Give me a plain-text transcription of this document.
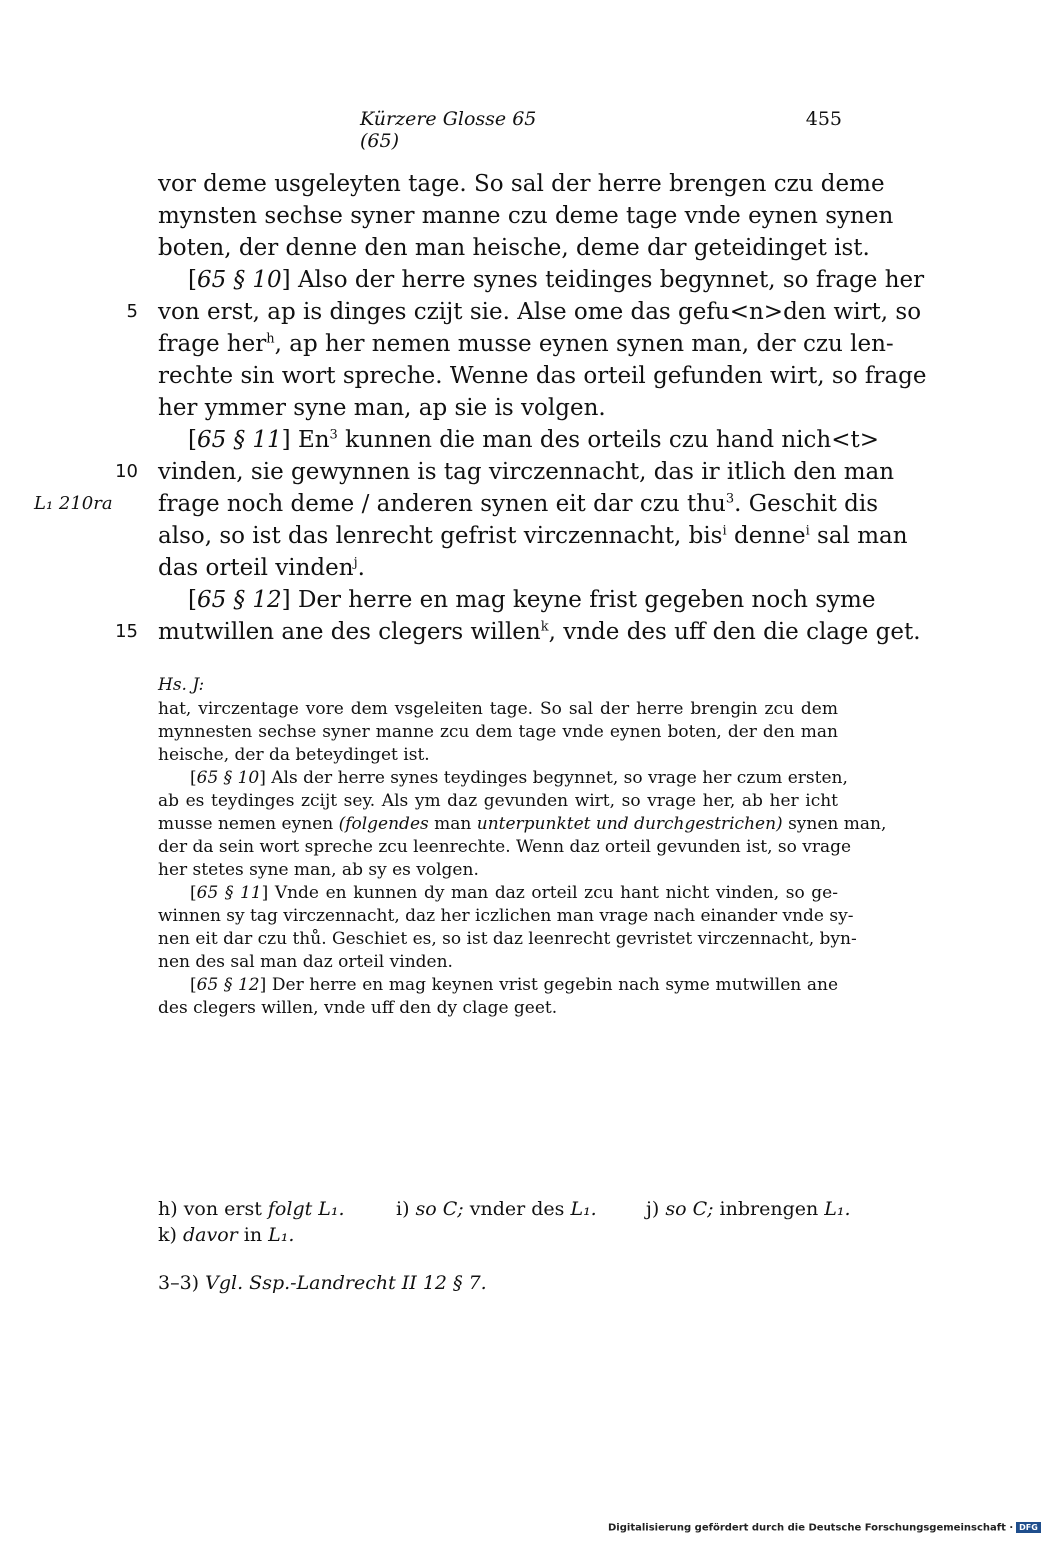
Kürzere Glosse 65 (65)
455
vor deme usgeleyten tage. So sal der herre brengen czu deme
mynsten sechse syner manne czu deme tage vnde eynen synen
boten, der denne den man heische, deme dar geteidinget ist.
[65 § 10] Also der herre synes teidinges begynnet, so frage her
5 von erst, ap is dinges czijt sie. Alse ome das gefu<n>den wirt, so
frage her$^h$, ap her nemen musse eynen synen man, der czu len-
rechte sin wort spreche. Wenne das orteil gefunden wirt, so frage
her ymmer syne man, ap sie is volgen.
[65 § 11] En$^3$ kunnen die man des orteils czu hand nich<t>
10 vinden, sie gewynnen is tag virczennacht, das ir itlich den man
L₁ 210ra	frage noch deme / anderen synen eit dar czu thu$^3$. Geschit dis
also, so ist das lenrecht gefrist virczennacht, bis$^i$ denne$^i$ sal man
das orteil vinden$^j$.
[65 § 12] Der herre en mag keyne frist gegeben noch syme
15 mutwillen ane des clegers willen$^k$, vnde des uff den die clage get.
Hs. J:
hat, virczentage vore dem vsgeleiten tage. So sal der herre brengin zcu dem
mynnesten sechse syner manne zcu dem tage vnde eynen boten, der den man
heische, der da beteydinget ist.
[65 § 10] Als der herre synes teydinges begynnet, so vrage her czum ersten,
ab es teydinges zcijt sey. Als ym daz gevunden wirt, so vrage her, ab her icht
musse nemen eynen (folgendes man unterpunktet und durchgestrichen) synen man,
der da sein wort spreche zcu leenrechte. Wenn daz orteil gevunden ist, so vrage
her stetes syne man, ab sy es volgen.
[65 § 11] Vnde en kunnen dy man daz orteil zcu hant nicht vinden, so ge-
winnen sy tag virczennacht, daz her iczlichen man vrage nach einander vnde sy-
nen eit dar czu thů. Geschiet es, so ist daz leenrecht gevristet virczennacht, byn-
nen des sal man daz orteil vinden.
[65 § 12] Der herre en mag keynen vrist gegebin nach syme mutwillen ane
des clegers willen, vnde uff den dy clage geet.
h) von erst folgt L₁.	i) so C; vnder des L₁.	j) so C; inbrengen L₁.
k) davor in L₁.
3–3) Vgl. Ssp.-Landrecht II 12 § 7.
Digitalisierung gefördert durch die Deutsche Forschungsgemeinschaft · DFG
